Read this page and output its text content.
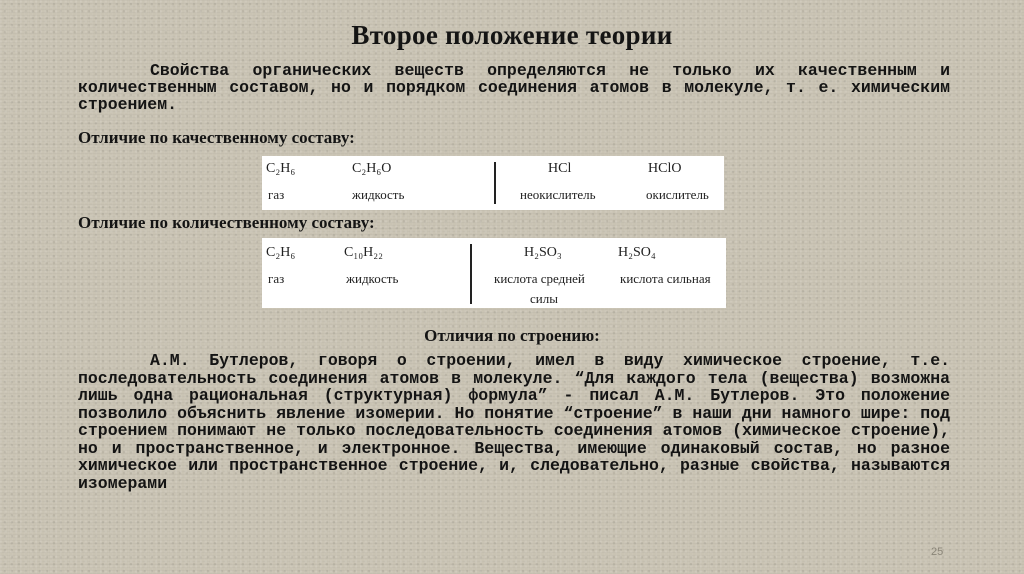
Второе положение теории
Свойства органических веществ определяются не только их качественным и количественным составом, но и порядком соединения атомов в молекуле, т. е. химическим строением.
Отличие по качественному составу:
C₂H₆
газ
C₂H₆O
жидкость
HCl
неокислитель
HClO
окислитель
Отличие по количественному составу:
C₂H₆
газ
C₁₀H₂₂
жидкость
H₂SO₃
кислота средней
силы
H₂SO₄
кислота сильная
Отличия по строению:
А.М. Бутлеров, говоря о строении, имел в виду химическое строение, т.е. последовательность соединения атомов в молекуле. “Для каждого тела (вещества) возможна лишь одна рациональная (структурная) формула” - писал А.М. Бутлеров. Это положение позволило объяснить явление изомерии. Но понятие “строение” в наши дни намного шире: под строением понимают не только последовательность соединения атомов (химическое строение), но и пространственное, и электронное. Вещества, имеющие одинаковый состав, но разное химическое или пространственное строение, и, следовательно, разные свойства, называются изомерами
25
